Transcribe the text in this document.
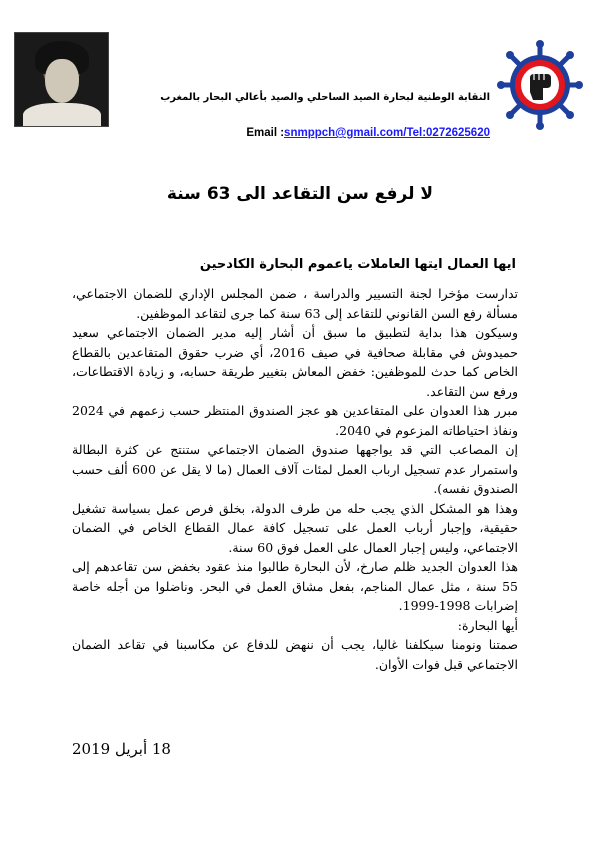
النقابة الوطنية لبحارة الصيد الساحلي والصيد بأعالي البحار بالمغرب
Email :snmppch@gmail.com/Tel:0272625620
لا لرفع سن التقاعد الى 63 سنة
ايها العمال ايتها العاملات ياعموم البحارة الكادحين

تدارست مؤخرا لجنة التسيير والدراسة ، ضمن المجلس الإداري للضمان الاجتماعي، مسألة رفع السن القانوني للتقاعد إلى 63 سنة كما جرى لتقاعد الموظفين.

وسيكون هذا بداية لتطبيق ما سبق أن أشار إليه مدير الضمان الاجتماعي سعيد حميدوش في مقابلة صحافية في صيف 2016، أي ضرب حقوق المتقاعدين بالقطاع الخاص كما حدث للموظفين: خفض المعاش بتغيير طريقة حسابه، و زيادة الاقتطاعات، ورفع سن التقاعد.

مبرر هذا العدوان على المتقاعدين هو عجز الصندوق المنتظر حسب زعمهم في 2024 ونفاذ احتياطاته المزعوم في 2040.

إن المصاعب التي قد يواجهها صندوق الضمان الاجتماعي ستنتج عن كثرة البطالة واستمرار عدم تسجيل ارباب العمل لمئات آلاف العمال (ما لا يقل عن 600 ألف حسب الصندوق نفسه).

وهذا هو المشكل الذي يجب حله من طرف الدولة، بخلق فرص عمل بسياسة تشغيل حقيقية، وإجبار أرباب العمل على تسجيل كافة عمال القطاع الخاص في الضمان الاجتماعي، وليس إجبار العمال على العمل فوق 60 سنة.

هذا العدوان الجديد ظلم صارخ، لأن البحارة طالبوا منذ عقود بخفض سن تقاعدهم إلى 55 سنة ، مثل عمال المناجم، بفعل مشاق العمل في البحر. وناضلوا من أجله خاصة إضرابات 1998-1999.

أيها البحارة:

صمتنا ونومنا سيكلفنا غاليا، يجب أن ننهض للدفاع عن مكاسبنا في تقاعد الضمان الاجتماعي قبل فوات الأوان.

18 أبريل 2019
